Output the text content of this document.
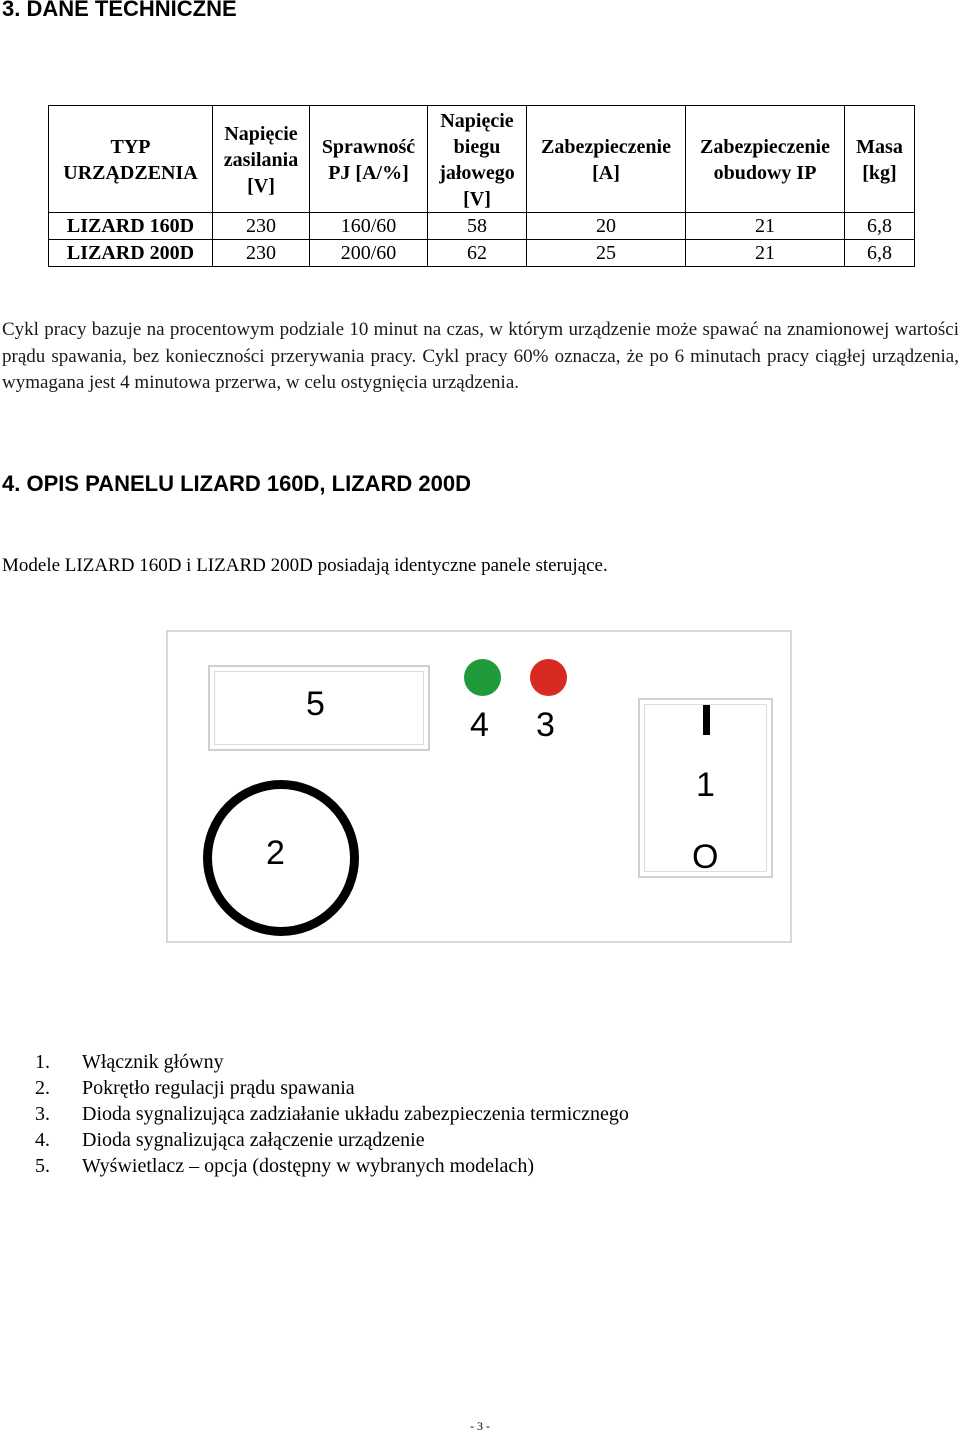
3. DANE TECHNICZNE
TYP URZĄDZENIA	Napięcie zasilania [V]	Sprawność PJ [A/%]	Napięcie biegu jałowego [V]	Zabezpieczenie [A]	Zabezpieczenie obudowy IP	Masa [kg]
LIZARD 160D	230	160/60	58	20	21	6,8
LIZARD 200D	230	200/60	62	25	21	6,8

Cykl pracy bazuje na procentowym podziale 10 minut na czas, w którym urządzenie może spawać na znamionowej wartości prądu spawania, bez konieczności przerywania pracy. Cykl pracy 60% oznacza, że po 6 minutach pracy ciągłej urządzenia, wymagana jest 4 minutowa przerwa, w celu ostygnięcia urządzenia.

4. OPIS PANELU LIZARD 160D, LIZARD 200D

Modele LIZARD 160D i LIZARD 200D posiadają identyczne panele sterujące.

5
4 3
2
1
O
1. Włącznik główny
2. Pokrętło regulacji prądu spawania
3. Dioda sygnalizująca zadziałanie układu zabezpieczenia termicznego
4. Dioda sygnalizująca załączenie urządzenie
5. Wyświetlacz – opcja (dostępny w wybranych modelach)
- 3 -
